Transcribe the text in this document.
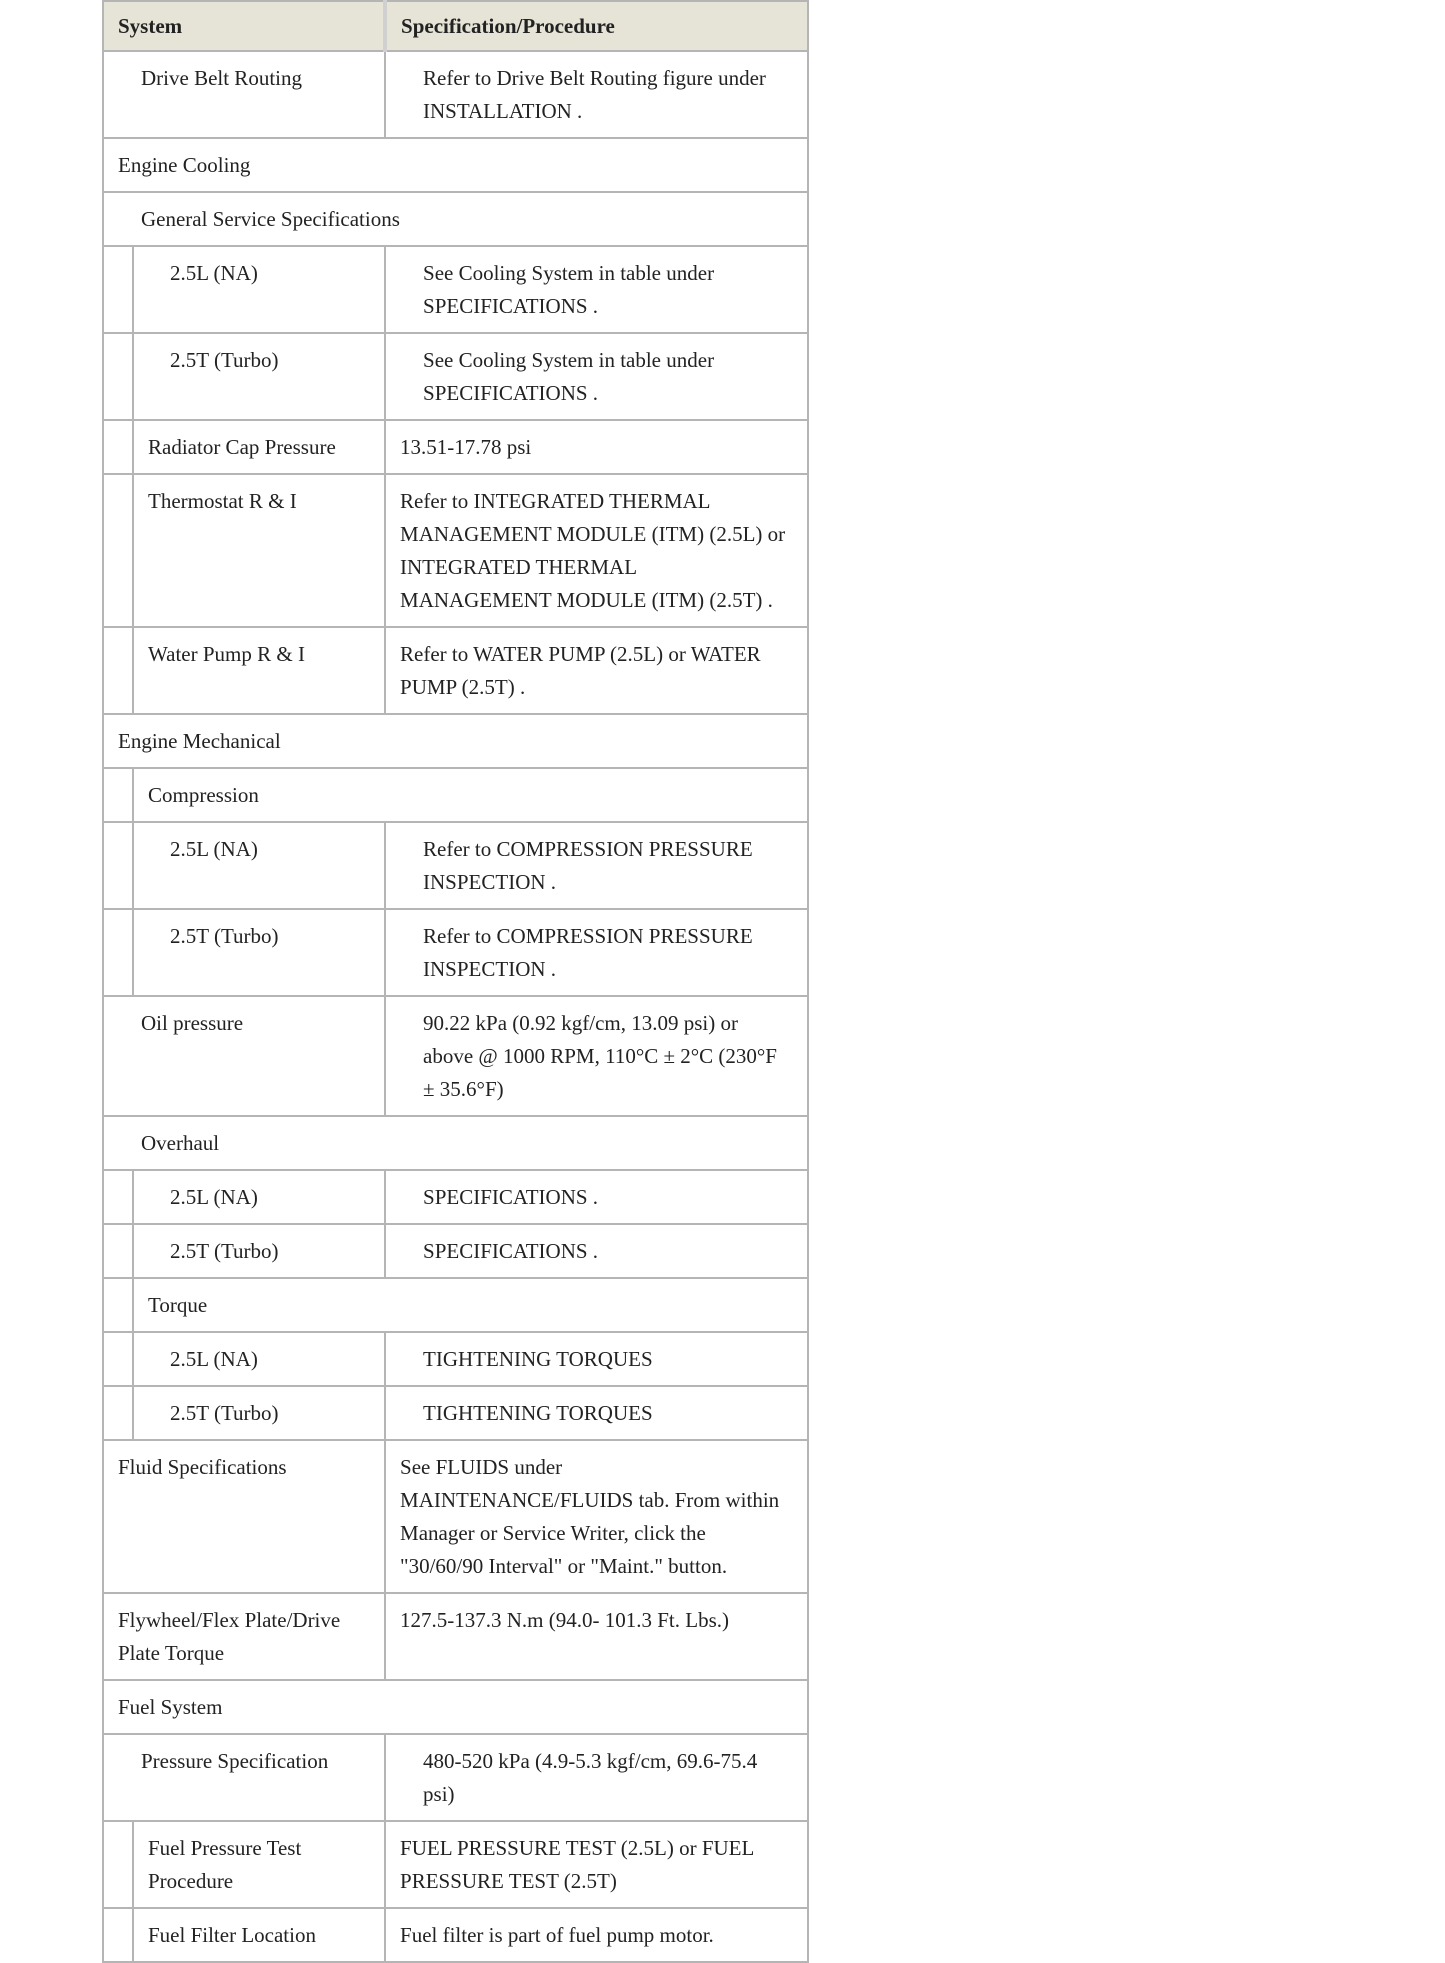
System		Specification/Procedure
Drive Belt Routing		Refer to Drive Belt Routing figure under INSTALLATION .
Engine Cooling		
General Service Specifications		
	2.5L (NA)	See Cooling System in table under SPECIFICATIONS .
	2.5T (Turbo)	See Cooling System in table under SPECIFICATIONS .
	Radiator Cap Pressure	13.51-17.78 psi
	Thermostat R & I	Refer to INTEGRATED THERMAL MANAGEMENT MODULE (ITM) (2.5L) or INTEGRATED THERMAL MANAGEMENT MODULE (ITM) (2.5T) .
	Water Pump R & I	Refer to WATER PUMP (2.5L) or WATER PUMP (2.5T) .
Engine Mechanical		
	Compression	
	2.5L (NA)	Refer to COMPRESSION PRESSURE INSPECTION .
	2.5T (Turbo)	Refer to COMPRESSION PRESSURE INSPECTION .
Oil pressure		90.22 kPa (0.92 kgf/cm, 13.09 psi) or above @ 1000 RPM, 110°C ± 2°C (230°F ± 35.6°F)
Overhaul		
	2.5L (NA)	SPECIFICATIONS .
	2.5T (Turbo)	SPECIFICATIONS .
	Torque	
	2.5L (NA)	TIGHTENING TORQUES
	2.5T (Turbo)	TIGHTENING TORQUES
Fluid Specifications		See FLUIDS under MAINTENANCE/FLUIDS tab. From within Manager or Service Writer, click the "30/60/90 Interval" or "Maint." button.
Flywheel/Flex Plate/Drive Plate Torque		127.5-137.3 N.m (94.0- 101.3 Ft. Lbs.)
Fuel System		
Pressure Specification		480-520 kPa (4.9-5.3 kgf/cm, 69.6-75.4 psi)
	Fuel Pressure Test Procedure	FUEL PRESSURE TEST (2.5L) or FUEL PRESSURE TEST (2.5T)
	Fuel Filter Location	Fuel filter is part of fuel pump motor.
